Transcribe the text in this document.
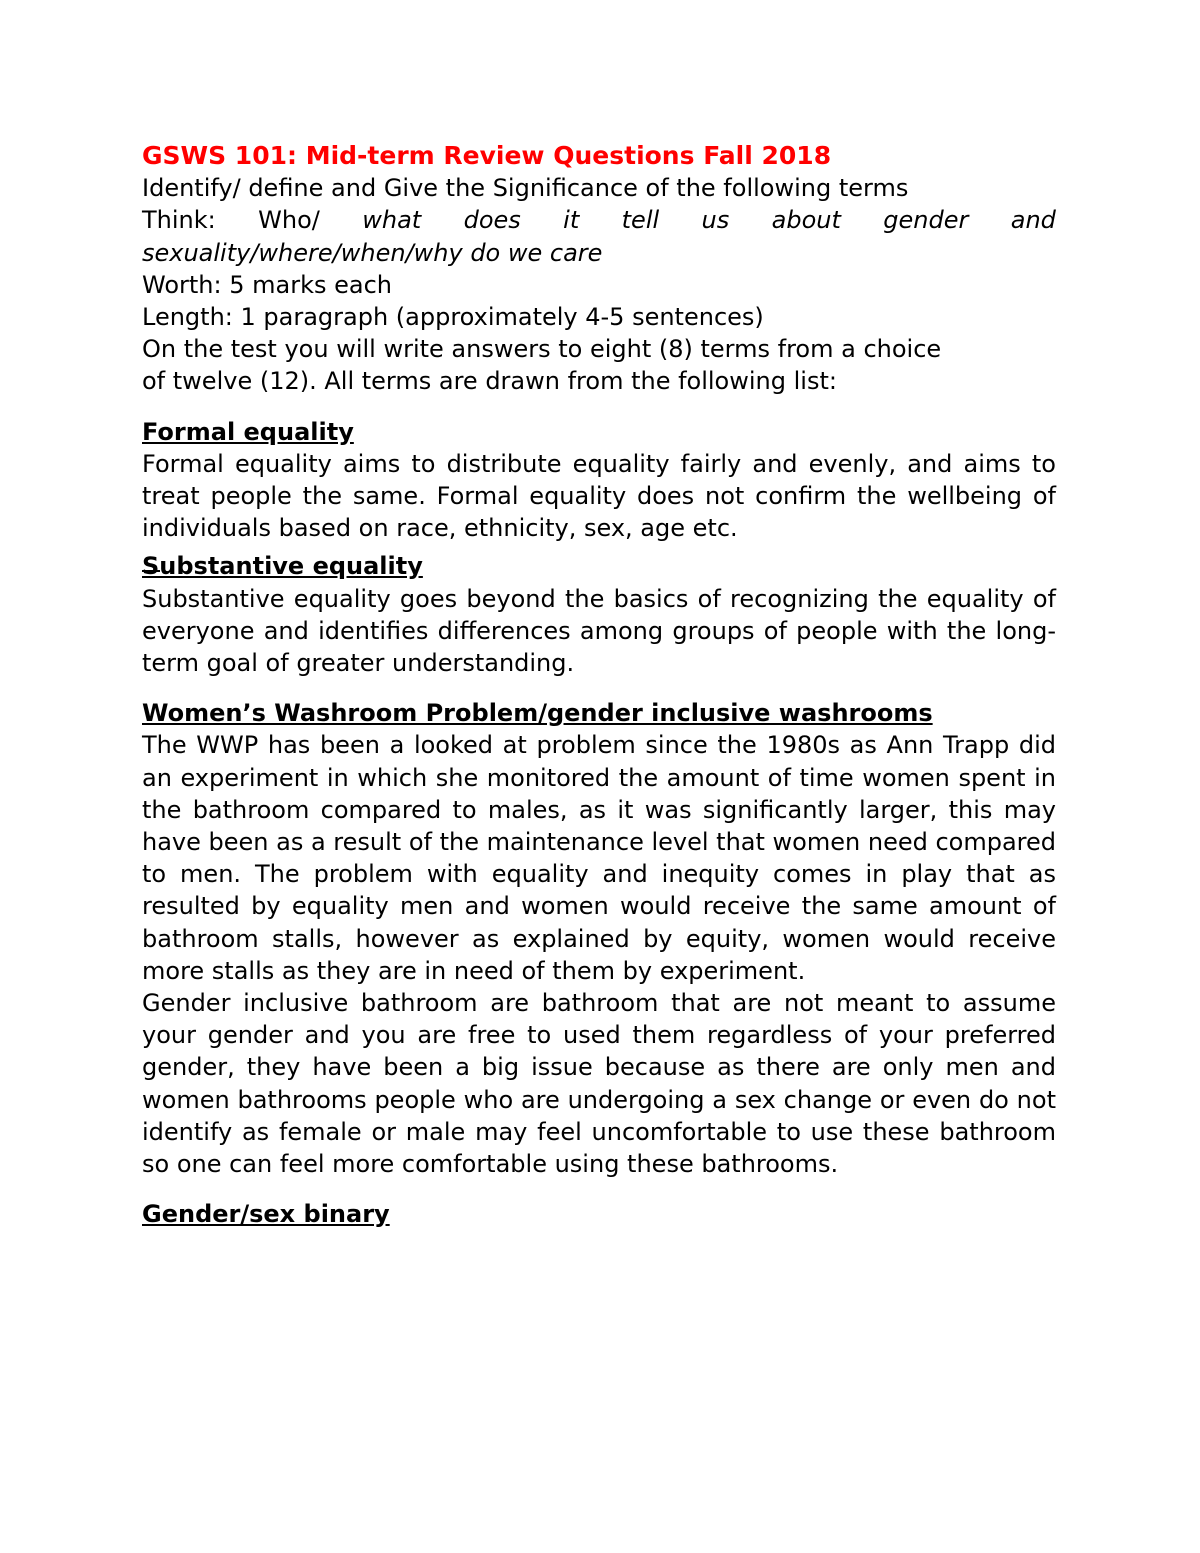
GSWS 101: Mid-term Review Questions Fall 2018
Identify/ define and Give the Significance of the following terms
Think: Who/ what does it tell us about gender and
sexuality/where/when/why do we care
Worth: 5 marks each
Length: 1 paragraph (approximately 4-5 sentences)
On the test you will write answers to eight (8) terms from a choice
of twelve (12). All terms are drawn from the following list:
Formal equality

Formal equality aims to distribute equality fairly and evenly, and aims to treat people the same. Formal equality does not confirm the wellbeing of individuals based on race, ethnicity, sex, age etc.

Substantive equality

Substantive equality goes beyond the basics of recognizing the equality of everyone and identifies differences among groups of people with the long-term goal of greater understanding.

Women’s Washroom Problem/gender inclusive washrooms

The WWP has been a looked at problem since the 1980s as Ann Trapp did an experiment in which she monitored the amount of time women spent in the bathroom compared to males, as it was significantly larger, this may have been as a result of the maintenance level that women need compared to men. The problem with equality and inequity comes in play that as resulted by equality men and women would receive the same amount of bathroom stalls, however as explained by equity, women would receive more stalls as they are in need of them by experiment.

Gender inclusive bathroom are bathroom that are not meant to assume your gender and you are free to used them regardless of your preferred gender, they have been a big issue because as there are only men and women bathrooms people who are undergoing a sex change or even do not identify as female or male may feel uncomfortable to use these bathroom so one can feel more comfortable using these bathrooms.

Gender/sex binary
